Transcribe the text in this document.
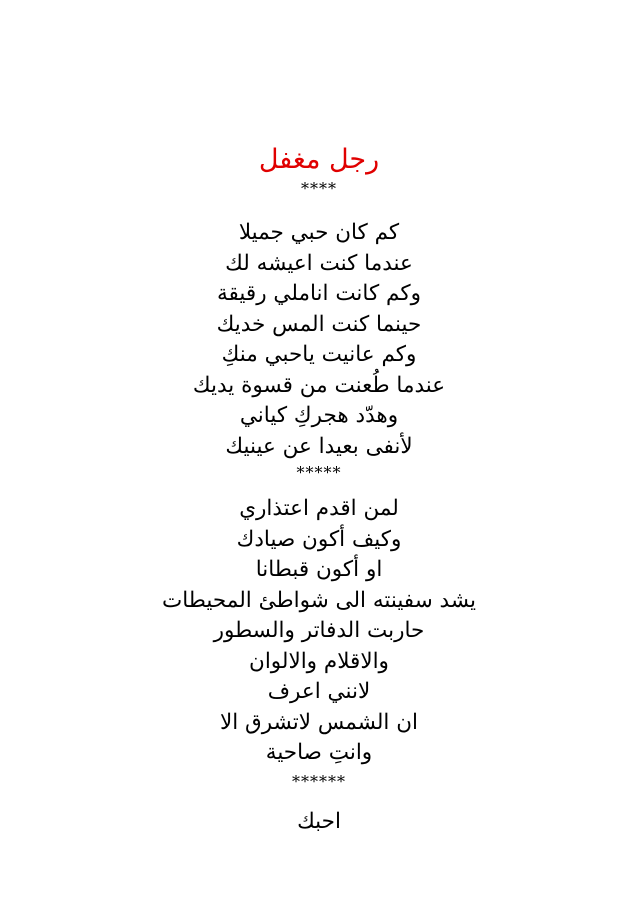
رجل مغفل
****
كم كان حبي جميلا
عندما كنت اعيشه لك
وكم كانت اناملي رقيقة
حينما كنت المس خديك
وكم عانيت ياحبي منكِ
عندما طُعنت من قسوة يديك
وهدّد هجركِ كياني
لأنفى بعيدا عن عينيك
*****
لمن اقدم اعتذاري
وكيف أكون صيادك
او أكون قبطانا
يشد سفينته الى شواطئ المحيطات
حاربت الدفاتر والسطور
والاقلام والالوان
لانني اعرف
ان الشمس لاتشرق الا
وانتِ صاحية
******
احبك
